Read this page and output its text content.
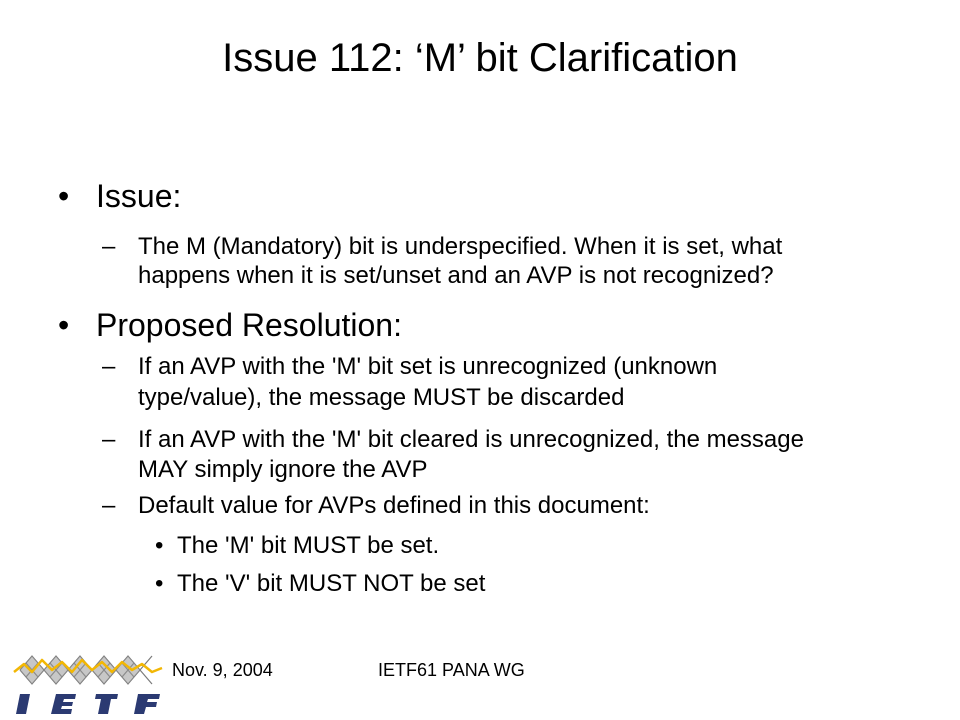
Issue 112: ‘M’ bit Clarification
• Issue:
– The M (Mandatory) bit is underspecified. When it is set, what
happens when it is set/unset and an AVP is not recognized?
• Proposed Resolution:
– If an AVP with the 'M' bit set is unrecognized (unknown
type/value), the message MUST be discarded
– If an AVP with the 'M' bit cleared is unrecognized, the message
MAY simply ignore the AVP
– Default value for AVPs defined in this document:
• The 'M' bit MUST be set.
• The 'V' bit MUST NOT be set
Nov. 9, 2004	IETF61 PANA WG
